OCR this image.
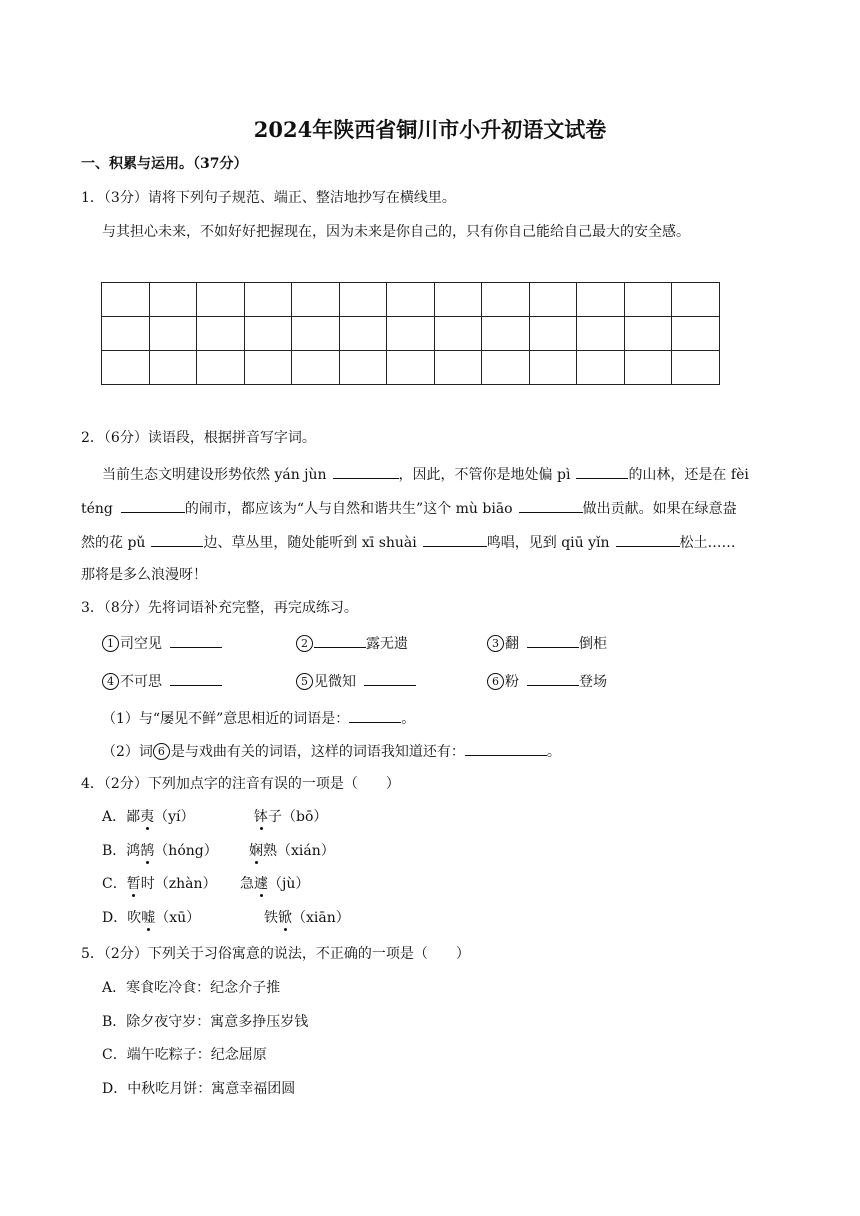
2024年陕西省铜川市小升初语文试卷
一、积累与运用。（37分）
1．（3分）请将下列句子规范、端正、整洁地抄写在横线里。
与其担心未来，不如好好把握现在，因为未来是你自己的，只有你自己能给自己最大的安全感。

2．（6分）读语段，根据拼音写字词。
当前生态文明建设形势依然 yán jùn	，因此，不管你是地处偏 pì	的山林，还是在 fèi
téng	的闹市，都应该为“人与自然和谐共生”这个 mù biāo	做出贡献。如果在绿意盎
然的花 pǔ	边、草丛里，随处能听到 xī shuài	鸣唱，见到 qiū yǐn	松土……
那将是多么浪漫呀！
3．（8分）先将词语补充完整，再完成练习。
1 司空见	2	露无遗	3 翻	倒柜
4 不可思	5 见微知	6 粉	登场
（1）与“屡见不鲜”意思相近的词语是：	。
（2）词 6 是与戏曲有关的词语，这样的词语我知道还有：	。
4．（2分）下列加点字的注音有误的一项是（　　）
A．鄙夷（yí）	钵子（bō）
B．鸿鹄（hóng） 娴熟（xián）
C．暂时（zhàn） 急遽（jù）
D．吹嘘（xū）	铁锨（xiān）
5．（2分）下列关于习俗寓意的说法，不正确的一项是（　　）
A．寒食吃冷食：纪念介子推
B．除夕夜守岁：寓意多挣压岁钱
C．端午吃粽子：纪念屈原
D．中秋吃月饼：寓意幸福团圆
